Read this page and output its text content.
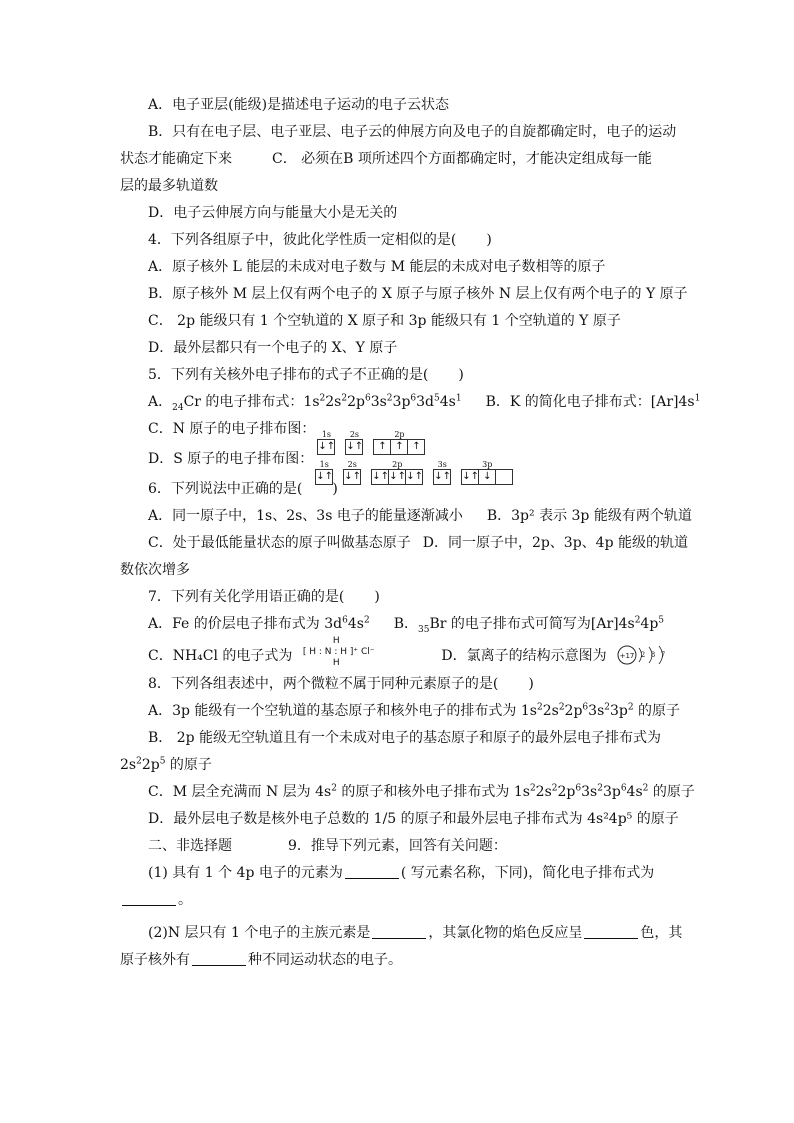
A．电子亚层(能级)是描述电子运动的电子云状态
B．只有在电子层、电子亚层、电子云的伸展方向及电子的自旋都确定时，电子的运动
状态才能确定下来	C． 必须在B 项所述四个方面都确定时，才能决定组成每一能
层的最多轨道数
D．电子云伸展方向与能量大小是无关的
4．下列各组原子中，彼此化学性质一定相似的是( )
A．原子核外 L 能层的未成对电子数与 M 能层的未成对电子数相等的原子
B．原子核外 M 层上仅有两个电子的 X 原子与原子核外 N 层上仅有两个电子的 Y 原子
C． 2p 能级只有 1 个空轨道的 X 原子和 3p 能级只有 1 个空轨道的 Y 原子
D．最外层都只有一个电子的 X、Y 原子
5．下列有关核外电子排布的式子不正确的是( )
A．$_{24}$Cr 的电子排布式：$1s^22s^22p^63s^23p^63d^54s^1$ B．K 的简化电子排布式：$[Ar]4s^1$
C．N 原子的电子排布图： 1s
↓↑
2s
↓↑
2p
↑ ↑ ↑
D．S 原子的电子排布图： 1s
↓↑
2s
↓↑
2p
↓↑ ↓↑ ↓↑
3s
↓↑
3p
↓↑ ↓
6．下列说法中正确的是( )
A．同一原子中，1s、2s、3s 电子的能量逐渐减小 B．3p² 表示 3p 能级有两个轨道
C．处于最低能量状态的原子叫做基态原子 D．同一原子中，2p、3p、4p 能级的轨道
数依次增多
7．下列有关化学用语正确的是( )
A．Fe 的价层电子排布式为 $3d^64s^2$ B．$_{35}$Br 的电子排布式可简写为$[Ar]4s^24p^5$
C．NH₄Cl 的电子式为
H
[ H : N : H ]⁺ Cl⁻
H	D．氯离子的结构示意图为 +17 2 8 7
8．下列各组表述中，两个微粒不属于同种元素原子的是( )
A．3p 能级有一个空轨道的基态原子和核外电子的排布式为 $1s^22s^22p^63s^23p^2$ 的原子
B． 2p 能级无空轨道且有一个未成对电子的基态原子和原子的最外层电子排布式为
$2s^22p^5$ 的原子
C．M 层全充满而 N 层为 $4s^2$ 的原子和核外电子排布式为 $1s^22s^22p^63s^23p^64s^2$ 的原子
D．最外层电子数是核外电子总数的 1/5 的原子和最外层电子排布式为 4s²4p⁵ 的原子
二、非选择题	9．推导下列元素，回答有关问题：
(1) 具有 1 个 4p 电子的元素为	( 写元素名称，下同)，简化电子排布式为
。
(2)N 层只有 1 个电子的主族元素是	，其氯化物的焰色反应呈	色，其
原子核外有	种不同运动状态的电子。
